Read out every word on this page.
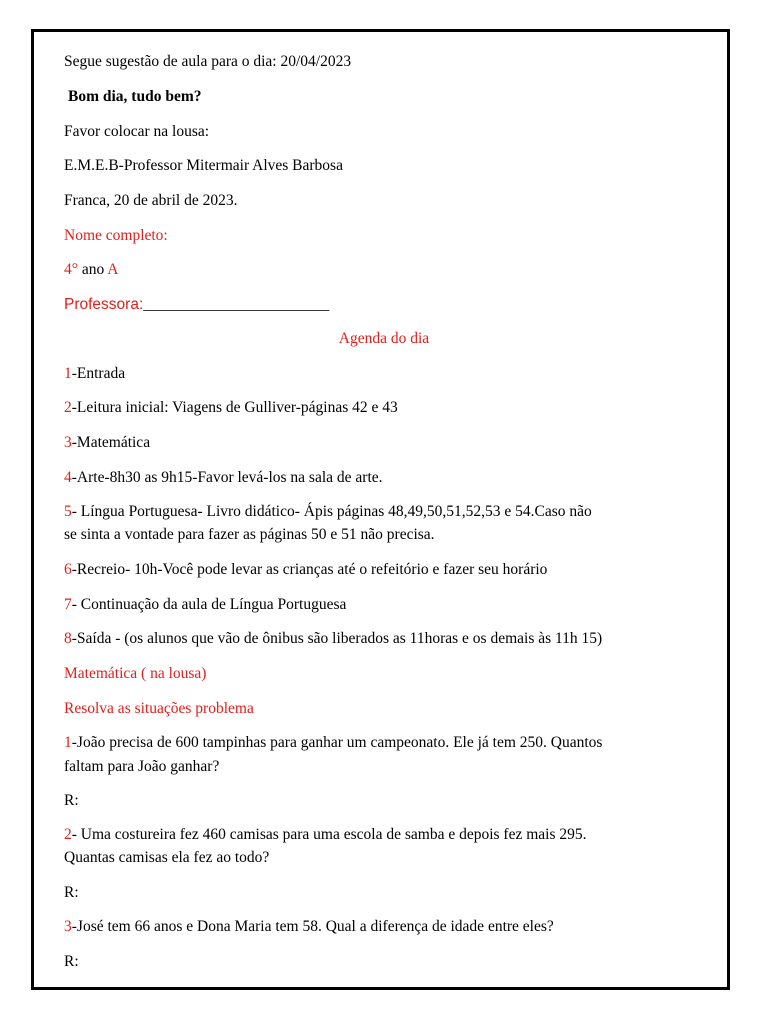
Segue sugestão de aula para o dia: 20/04/2023
Bom dia, tudo bem?
Favor colocar na lousa:
E.M.E.B-Professor Mitermair Alves Barbosa
Franca, 20 de abril de 2023.
Nome completo:
4° ano A
Professora:________________________
Agenda do dia
1-Entrada
2-Leitura inicial: Viagens de Gulliver-páginas 42 e 43
3-Matemática
4-Arte-8h30 as 9h15-Favor levá-los na sala de arte.
5- Língua Portuguesa- Livro didático- Ápis páginas 48,49,50,51,52,53 e 54.Caso não
se sinta a vontade para fazer as páginas 50 e 51 não precisa.
6-Recreio- 10h-Você pode levar as crianças até o refeitório e fazer seu horário
7- Continuação da aula de Língua Portuguesa
8-Saída - (os alunos que vão de ônibus são liberados as 11horas e os demais às 11h 15)
Matemática ( na lousa)
Resolva as situações problema
1-João precisa de 600 tampinhas para ganhar um campeonato. Ele já tem 250. Quantos
faltam para João ganhar?
R:
2- Uma costureira fez 460 camisas para uma escola de samba e depois fez mais 295.
Quantas camisas ela fez ao todo?
R:
3-José tem 66 anos e Dona Maria tem 58. Qual a diferença de idade entre eles?
R:
